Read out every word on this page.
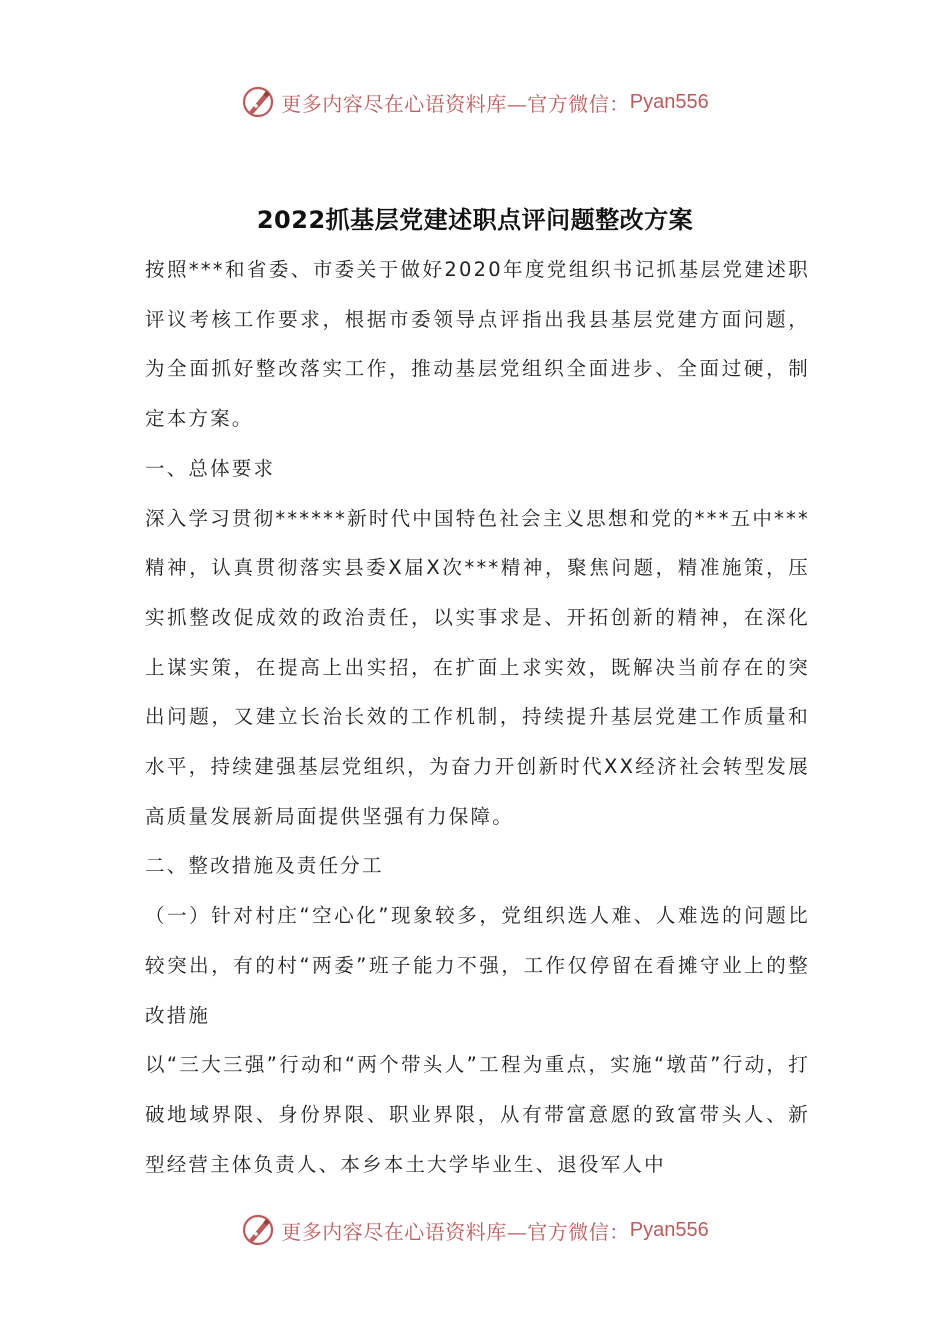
更多内容尽在心语资料库—官方微信： Pyan556
2022抓基层党建述职点评问题整改方案

按照***和省委、市委关于做好2020年度党组织书记抓基层党建述职评议考核工作要求，根据市委领导点评指出我县基层党建方面问题，为全面抓好整改落实工作，推动基层党组织全面进步、全面过硬，制定本方案。

一、总体要求

深入学习贯彻******新时代中国特色社会主义思想和党的***五中***精神，认真贯彻落实县委X届X次***精神，聚焦问题，精准施策，压实抓整改促成效的政治责任，以实事求是、开拓创新的精神，在深化上谋实策，在提高上出实招，在扩面上求实效，既解决当前存在的突出问题，又建立长治长效的工作机制，持续提升基层党建工作质量和水平，持续建强基层党组织，为奋力开创新时代XX经济社会转型发展高质量发展新局面提供坚强有力保障。

二、整改措施及责任分工

（一）针对村庄“空心化”现象较多，党组织选人难、人难选的问题比较突出，有的村“两委”班子能力不强，工作仅停留在看摊守业上的整改措施

以“三大三强”行动和“两个带头人”工程为重点，实施“墩苗”行动，打破地域界限、身份界限、职业界限，从有带富意愿的致富带头人、新型经营主体负责人、本乡本土大学毕业生、退役军人中

更多内容尽在心语资料库—官方微信： Pyan556
